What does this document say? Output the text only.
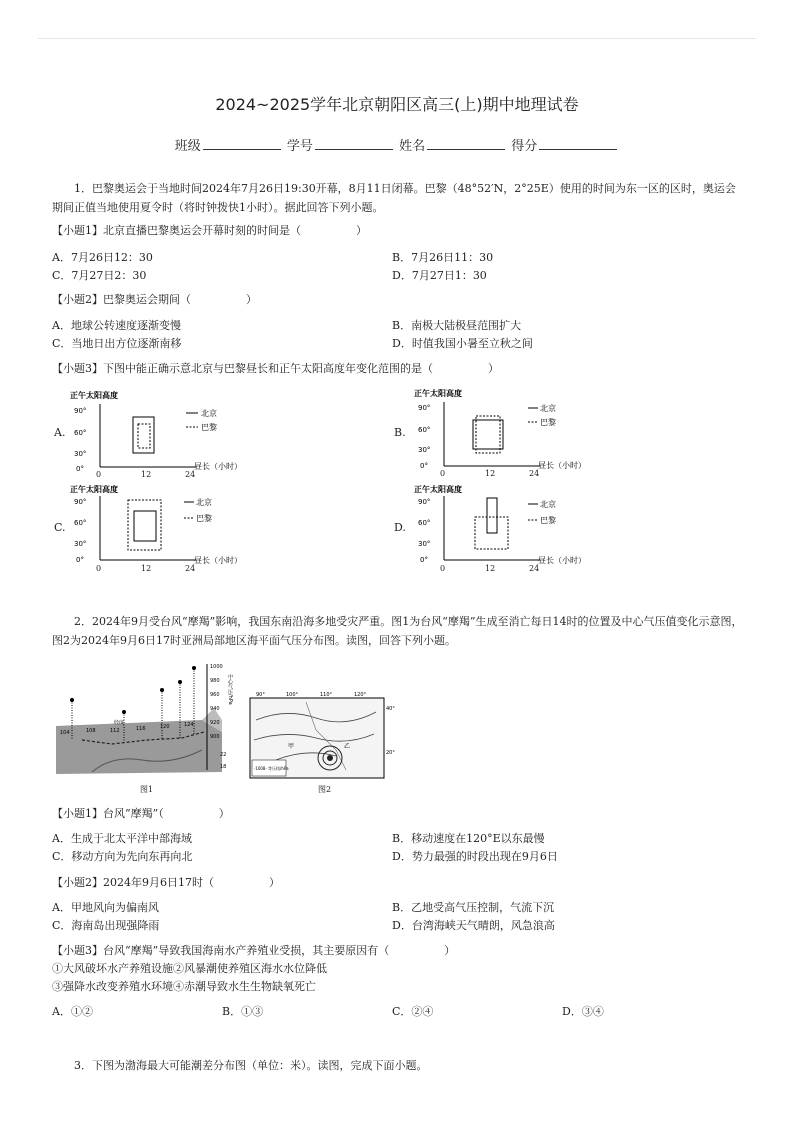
2024~2025学年北京朝阳区高三(上)期中地理试卷
班级	学号	姓名	得分
1．巴黎奥运会于当地时间2024年7月26日19:30开幕，8月11日闭幕。巴黎（48°52′N，2°25E）使用的时间为东一区的区时，奥运会期间正值当地使用夏令时（将时钟拨快1小时）。据此回答下列小题。
【小题1】北京直播巴黎奥运会开幕时刻的时间是（　　　　　）
A．7月26日12：30	B．7月26日11：30
C．7月27日2：30	D．7月27日1：30
【小题2】巴黎奥运会期间（　　　　　）
A．地球公转速度逐渐变慢	B．南极大陆极昼范围扩大
C．当地日出方位逐渐南移	D．时值我国小暑至立秋之间
【小题3】下图中能正确示意北京与巴黎昼长和正午太阳高度年变化范围的是（　　　　　）
A.	B.
C.	D.
正午太阳高度
90°
60°
30°
0°
北京
巴黎
昼长（小时）
0	12	24
正午太阳高度
90°
60°
30°
0°
北京
巴黎
昼长（小时）
0	12	24
正午太阳高度
90°
60°
30°
0°
北京
巴黎
昼长（小时）
0	12	24
正午太阳高度
90°
60°
30°
0°
北京
巴黎
昼长（小时）
0	12	24
2．2024年9月受台风“摩羯”影响，我国东南沿海多地受灾严重。图1为台风“摩羯”生成至消亡每日14时的位置及中心气压值变化示意图，图2为2024年9月6日17时亚洲局部地区海平面气压分布图。读图，回答下列小题。
1000
980
960
940
920
900
中心气压/hPa
经度
104	108	112	116	120	124
22
18
图1
90°	100°	110°	120°
40°
20°
甲	乙
·1008· 等压线/hPa
图2
【小题1】台风“摩羯”（　　　　　）
A．生成于北太平洋中部海域	B．移动速度在120°E以东最慢
C．移动方向为先向东再向北	D．势力最强的时段出现在9月6日
【小题2】2024年9月6日17时（　　　　　）
A．甲地风向为偏南风	B．乙地受高气压控制，气流下沉
C．海南岛出现强降雨	D．台湾海峡天气晴朗，风急浪高
【小题3】台风“摩羯”导致我国海南水产养殖业受损，其主要原因有（　　　　　）
①大风破坏水产养殖设施②风暴潮使养殖区海水水位降低
③强降水改变养殖水环境④赤潮导致水生生物缺氧死亡
A．①②	B．①③	C．②④	D．③④
3．下图为渤海最大可能潮差分布图（单位：米）。读图，完成下面小题。
